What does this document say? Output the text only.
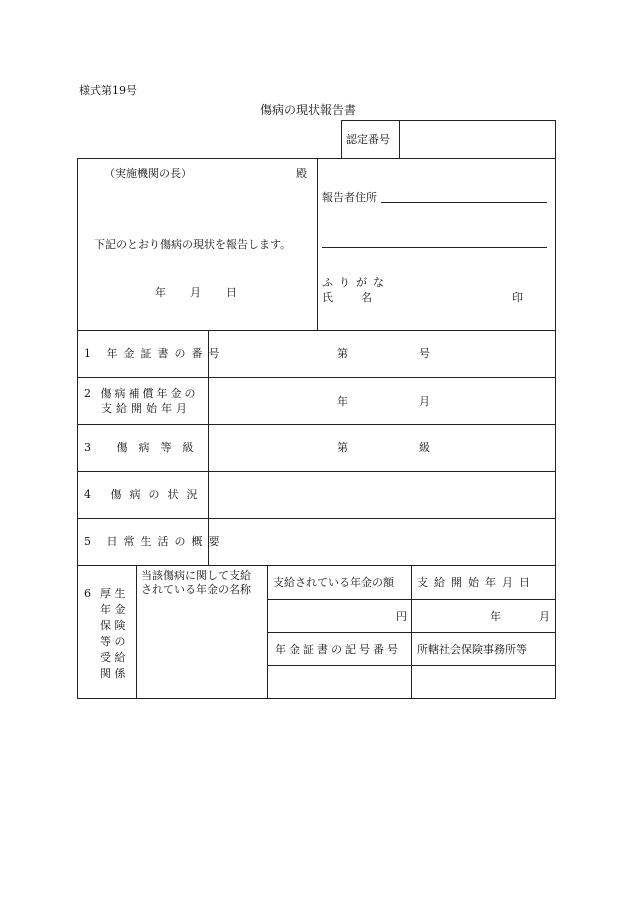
様式第19号
傷病の現状報告書
認定番号
（実施機関の長）	殿
下記のとおり傷病の現状を報告します。
年 月 日
報告者住所
ふりがな
氏名	印
1 年金証書の番号	第	号
2 傷病補償年金の
支給開始年月
年	月
3 傷病等級	第	級
4 傷病の状況
5 日常生活の概要
6 厚 生
年 金
保 険
等 の
受 給
関 係
当該傷病に関して支給
されている年金の名称
支給されている年金の額 支給開始年月日
円	年	月
年金証書の記号番号 所轄社会保険事務所等
